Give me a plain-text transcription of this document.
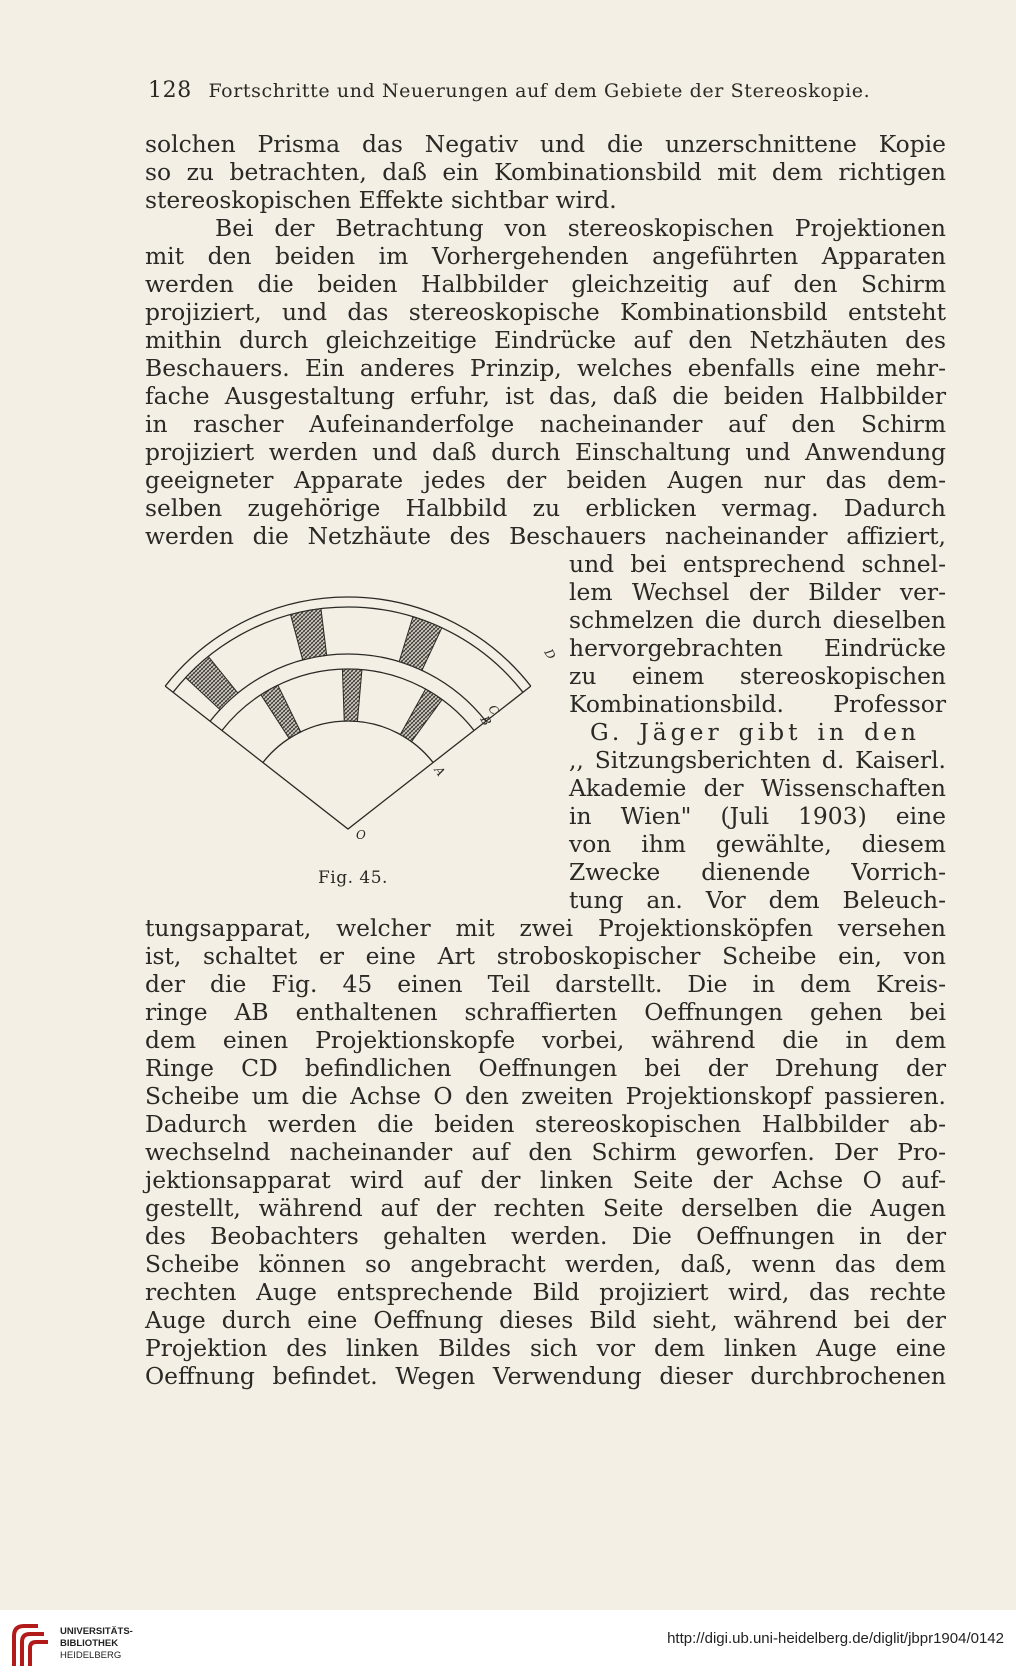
128 Fortschritte und Neuerungen auf dem Gebiete der Stereoskopie.
solchen Prisma das Negativ und die unzerschnittene Kopie
so zu betrachten, daß ein Kombinationsbild mit dem richtigen
stereoskopischen Effekte sichtbar wird.
Bei der Betrachtung von stereoskopischen Projektionen
mit den beiden im Vorhergehenden angeführten Apparaten
werden die beiden Halbbilder gleichzeitig auf den Schirm
projiziert, und das stereoskopische Kombinationsbild entsteht
mithin durch gleichzeitige Eindrücke auf den Netzhäuten des
Beschauers. Ein anderes Prinzip, welches ebenfalls eine mehr-
fache Ausgestaltung erfuhr, ist das, daß die beiden Halbbilder
in rascher Aufeinanderfolge nacheinander auf den Schirm
projiziert werden und daß durch Einschaltung und Anwendung
geeigneter Apparate jedes der beiden Augen nur das dem-
selben zugehörige Halbbild zu erblicken vermag. Dadurch
werden die Netzhäute des Beschauers nacheinander affiziert,
und bei entsprechend schnel-
lem Wechsel der Bilder ver-
schmelzen die durch dieselben
hervorgebrachten Eindrücke
zu einem stereoskopischen
Kombinationsbild. Professor
G. Jäger gibt in den
,, Sitzungsberichten d. Kaiserl.
Akademie der Wissenschaften
in Wien" (Juli 1903) eine
von ihm gewählte, diesem
Zwecke dienende Vorrich-
tung an. Vor dem Beleuch-
tungsapparat, welcher mit zwei Projektionsköpfen versehen
ist, schaltet er eine Art stroboskopischer Scheibe ein, von
der die Fig. 45 einen Teil darstellt. Die in dem Kreis-
ringe AB enthaltenen schraffierten Oeffnungen gehen bei
dem einen Projektionskopfe vorbei, während die in dem
Ringe CD befindlichen Oeffnungen bei der Drehung der
Scheibe um die Achse O den zweiten Projektionskopf passieren.
Dadurch werden die beiden stereoskopischen Halbbilder ab-
wechselnd nacheinander auf den Schirm geworfen. Der Pro-
jektionsapparat wird auf der linken Seite der Achse O auf-
gestellt, während auf der rechten Seite derselben die Augen
des Beobachters gehalten werden. Die Oeffnungen in der
Scheibe können so angebracht werden, daß, wenn das dem
rechten Auge entsprechende Bild projiziert wird, das rechte
Auge durch eine Oeffnung dieses Bild sieht, während bei der
Projektion des linken Bildes sich vor dem linken Auge eine
Oeffnung befindet. Wegen Verwendung dieser durchbrochenen
D
C
B
A
O
Fig. 45.
UNIVERSITÄTS-
BIBLIOTHEK
HEIDELBERG
http://digi.ub.uni-heidelberg.de/diglit/jbpr1904/0142
